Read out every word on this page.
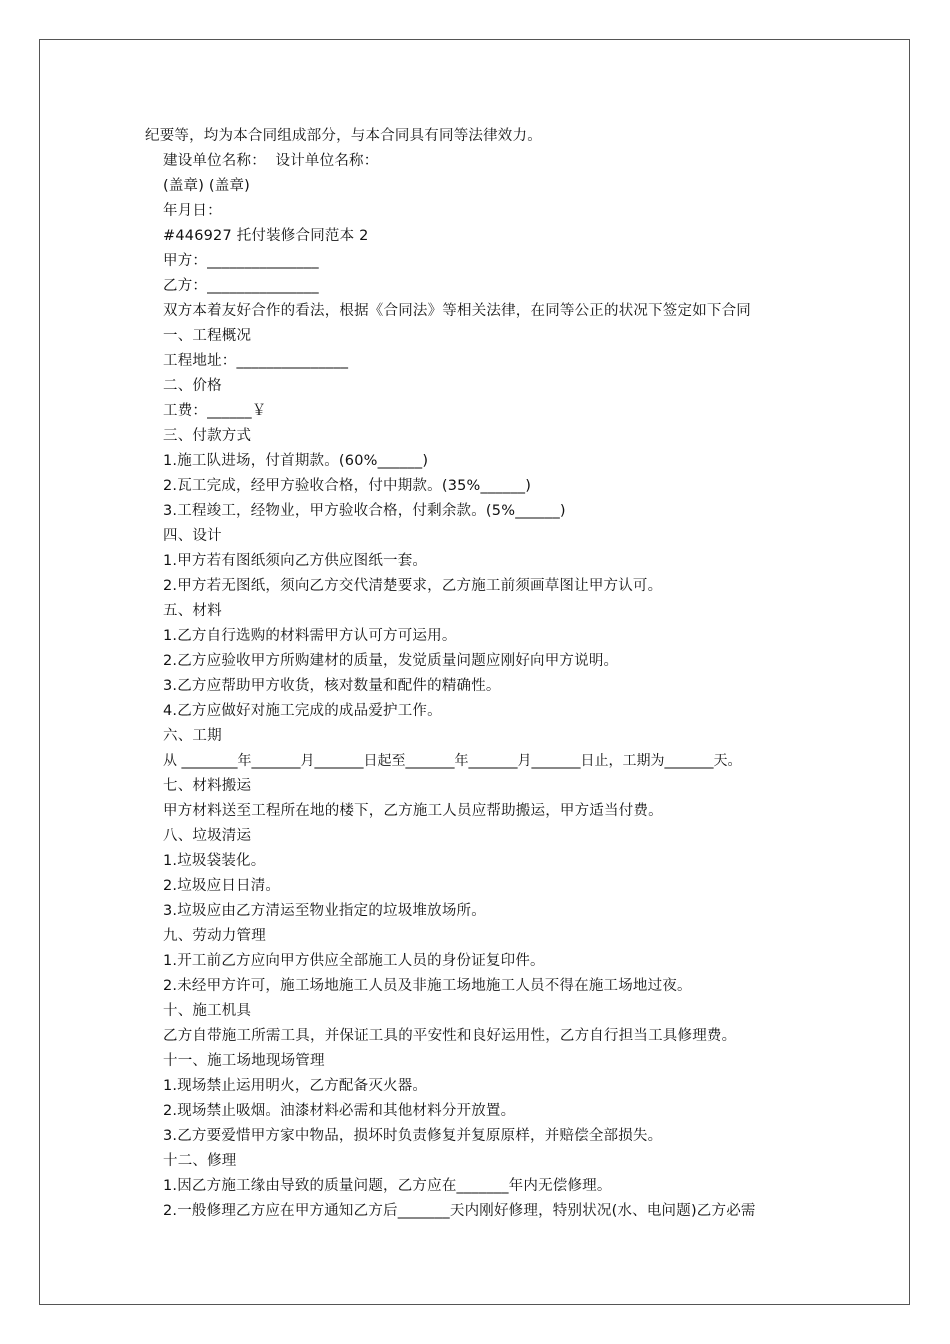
纪要等，均为本合同组成部分，与本合同具有同等法律效力。
建设单位名称：  设计单位名称：
(盖章) (盖章)
年月日：
#446927 托付装修合同范本 2
甲方：_______________
乙方：_______________
双方本着友好合作的看法，根据《合同法》等相关法律，在同等公正的状况下签定如下合同
一、工程概况
工程地址：_______________
二、价格
工费：______￥
三、付款方式
1.施工队进场，付首期款。(60%______)
2.瓦工完成，经甲方验收合格，付中期款。(35%______)
3.工程竣工，经物业，甲方验收合格，付剩余款。(5%______)
四、设计
1.甲方若有图纸须向乙方供应图纸一套。
2.甲方若无图纸，须向乙方交代清楚要求，乙方施工前须画草图让甲方认可。
五、材料
1.乙方自行选购的材料需甲方认可方可运用。
2.乙方应验收甲方所购建材的质量，发觉质量问题应刚好向甲方说明。
3.乙方应帮助甲方收货，核对数量和配件的精确性。
4.乙方应做好对施工完成的成品爱护工作。
六、工期
从 ________年_______月_______日起至_______年_______月_______日止，工期为_______天。
七、材料搬运
甲方材料送至工程所在地的楼下，乙方施工人员应帮助搬运，甲方适当付费。
八、垃圾清运
1.垃圾袋装化。
2.垃圾应日日清。
3.垃圾应由乙方清运至物业指定的垃圾堆放场所。
九、劳动力管理
1.开工前乙方应向甲方供应全部施工人员的身份证复印件。
2.未经甲方许可，施工场地施工人员及非施工场地施工人员不得在施工场地过夜。
十、施工机具
乙方自带施工所需工具，并保证工具的平安性和良好运用性，乙方自行担当工具修理费。
十一、施工场地现场管理
1.现场禁止运用明火，乙方配备灭火器。
2.现场禁止吸烟。油漆材料必需和其他材料分开放置。
3.乙方要爱惜甲方家中物品，损坏时负责修复并复原原样，并赔偿全部损失。
十二、修理
1.因乙方施工缘由导致的质量问题，乙方应在_______年内无偿修理。
2.一般修理乙方应在甲方通知乙方后_______天内刚好修理，特别状况(水、电问题)乙方必需
